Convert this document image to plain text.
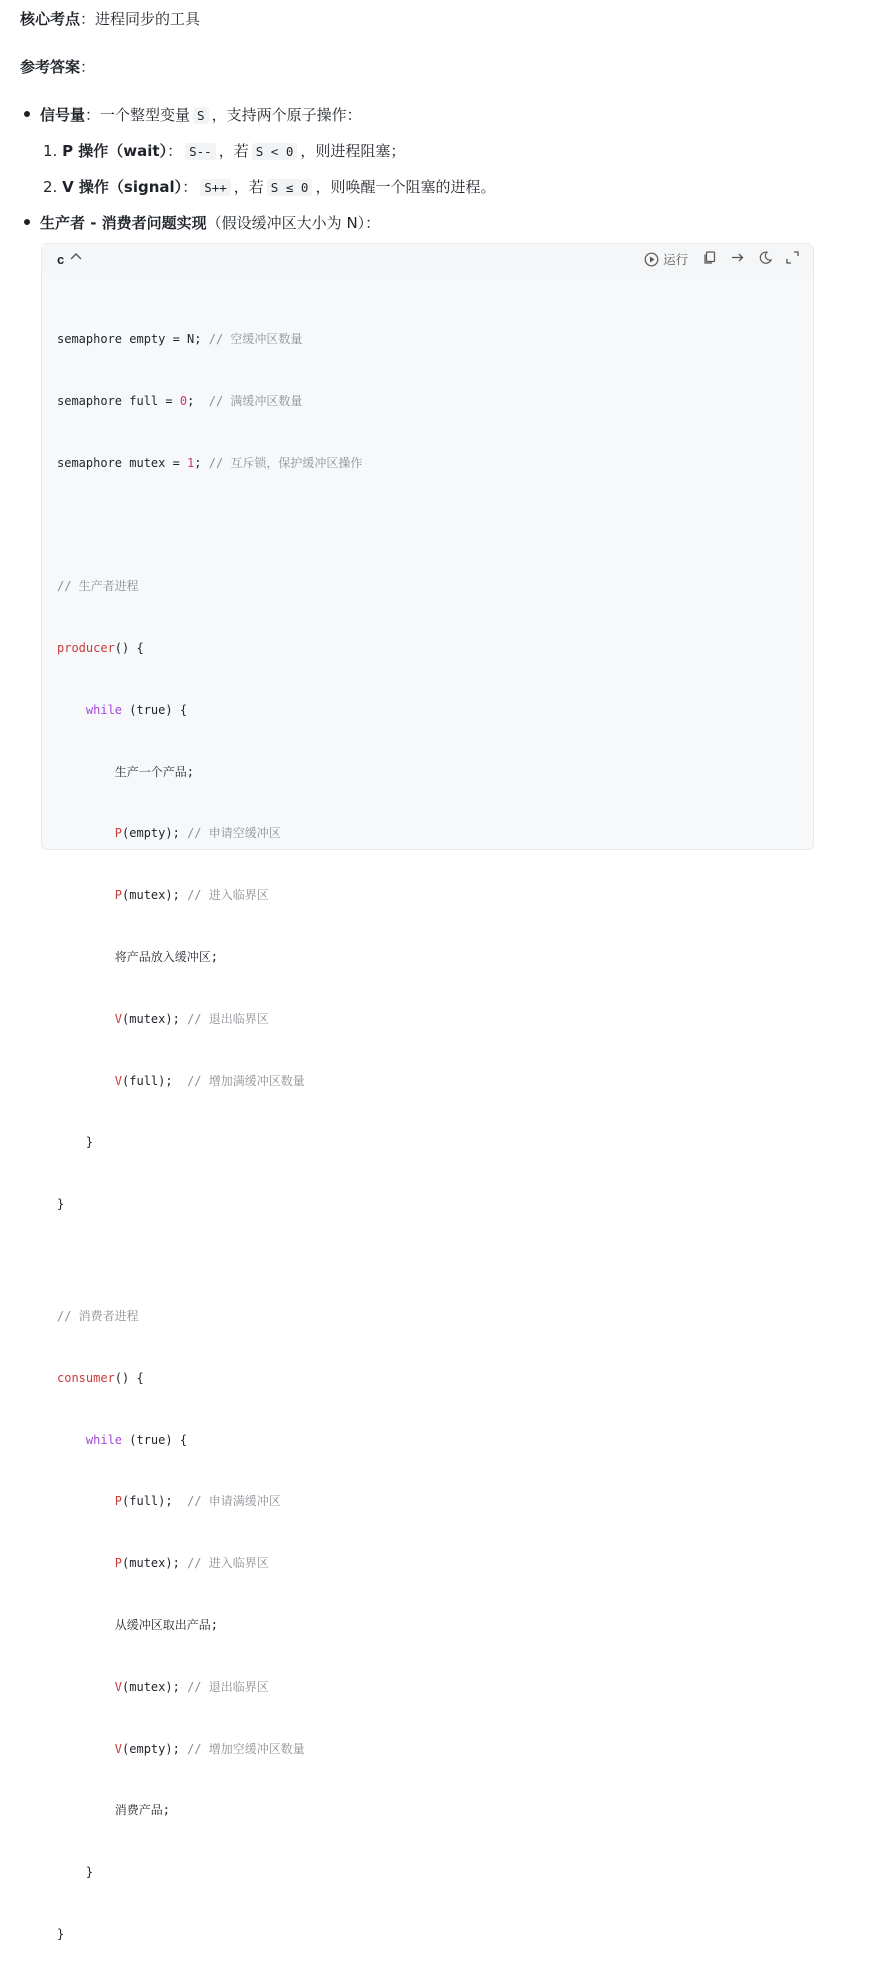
核心考点：进程同步的工具
参考答案：
信号量：一个整型变量 S ，支持两个原子操作：
1. P 操作（wait）： S-- ，若 S < 0 ，则进程阻塞；
2. V 操作（signal）： S++ ，若 S ≤ 0 ，则唤醒一个阻塞的进程。
生产者 - 消费者问题实现（假设缓冲区大小为 N）：
c	运行

semaphore empty = N; // 空缓冲区数量

semaphore full = 0;  // 满缓冲区数量

semaphore mutex = 1; // 互斥锁，保护缓冲区操作

// 生产者进程

producer() {

while (true) {

生产一个产品;

P(empty); // 申请空缓冲区

P(mutex); // 进入临界区

将产品放入缓冲区;

V(mutex); // 退出临界区

V(full);  // 增加满缓冲区数量

}

}

// 消费者进程

consumer() {

while (true) {

P(full);  // 申请满缓冲区

P(mutex); // 进入临界区

从缓冲区取出产品;

V(mutex); // 退出临界区

V(empty); // 增加空缓冲区数量

消费产品;

}

}
